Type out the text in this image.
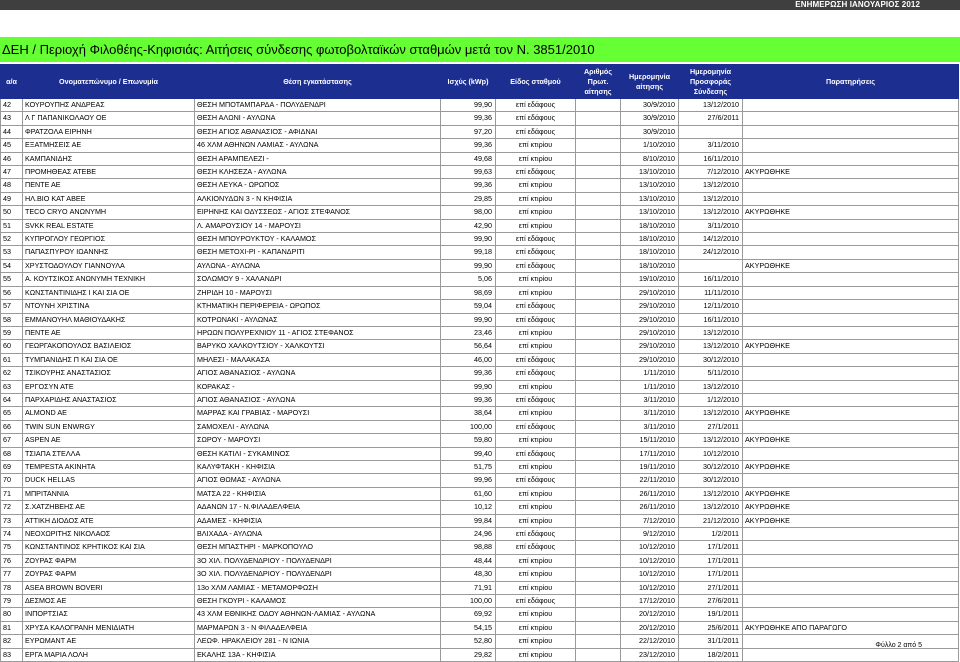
ΕΝΗΜΕΡΩΣΗ ΙΑΝΟΥΑΡΙΟΣ 2012
ΔΕΗ / Περιοχή Φιλοθέης-Κηφισιάς: Αιτήσεις σύνδεσης φωτοβολταϊκών σταθμών μετά τον Ν. 3851/2010
α/α	Ονοματεπώνυμο / Επωνυμία	Θέση εγκατάστασης	Ισχύς (kWp)	Είδος σταθμού	Αριθμός Πρωτ. αίτησης	Ημερομηνία αίτησης	Ημερομηνία Προσφοράς Σύνδεσης	Παρατηρήσεις
42	ΚΟΥΡΟΥΠΗΣ ΑΝΔΡΕΑΣ	ΘΕΣΗ ΜΠΟΤΑΜΠΑΡΔΑ - ΠΟΛΥΔΕΝΔΡΙ	99,90	επί εδάφους		30/9/2010	13/12/2010	
43	Λ Γ ΠΑΠΑΝΙΚΟΛΑΟΥ ΟΕ	ΘΕΣΗ ΑΛΩΝΙ - ΑΥΛΩΝΑ	99,36	επί εδάφους		30/9/2010	27/6/2011	
44	ΦΡΑΤΖΟΛΑ ΕΙΡΗΝΗ	ΘΕΣΗ ΑΓΙΟΣ ΑΘΑΝΑΣΙΟΣ - ΑΦΙΔΝΑΙ	97,20	επί εδάφους		30/9/2010		
45	ΕΞΑΤΜΗΣΕΙΣ ΑΕ	46 ΧΛΜ ΑΘΗΝΩΝ ΛΑΜΙΑΣ - ΑΥΛΩΝΑ	99,36	επί κτιρίου		1/10/2010	3/11/2010	
46	ΚΑΜΠΑΝΙΔΗΣ	ΘΕΣΗ ΑΡΑΜΠΕΛΕΖΙ -	49,68	επί κτιρίου		8/10/2010	16/11/2010	
47	ΠΡΟΜΗΘΕΑΣ ΑΤΕΒΕ	ΘΕΣΗ ΚΛΗΣΕΖΑ - ΑΥΛΩΝΑ	99,63	επί εδάφους		13/10/2010	7/12/2010	ΑΚΥΡΩΘΗΚΕ
48	ΠΕΝΤΕ ΑΕ	ΘΕΣΗ ΛΕΥΚΑ - ΩΡΩΠΟΣ	99,36	επί κτιρίου		13/10/2010	13/12/2010	
49	ΗΛ.ΒΙΟ ΚΑΤ ΑΒΕΕ	ΑΛΚΙΟΝΥΔΩΝ 3 - Ν ΚΗΦΙΣΙΑ	29,85	επί κτιρίου		13/10/2010	13/12/2010	
50	TECO CRYO ΑΝΩΝΥΜΗ	ΕΙΡΗΝΗΣ ΚΑΙ ΟΔΥΣΣΕΩΣ - ΑΓΙΟΣ ΣΤΕΦΑΝΟΣ	98,00	επί κτιρίου		13/10/2010	13/12/2010	ΑΚΥΡΩΘΗΚΕ
51	SVKK REAL ESTATE	Λ. ΑΜΑΡΟΥΣΙΟΥ 14 - ΜΑΡΟΥΣΙ	42,90	επί κτιρίου		18/10/2010	3/11/2010	
52	ΚΥΠΡΟΓΛΟΥ ΓΕΩΡΓΙΟΣ	ΘΕΣΗ ΜΠΟΥΡΟΥΚΤΟΥ - ΚΑΛΑΜΟΣ	99,90	επί εδάφους		18/10/2010	14/12/2010	
53	ΠΑΠΑΣΠΥΡΟΥ ΙΩΑΝΝΗΣ	ΘΕΣΗ ΜΕΤΟΧΙ-ΡΙ - ΚΑΠΑΝΔΡΙΤΙ	99,18	επί εδάφους		18/10/2010	24/12/2010	
54	ΧΡΥΣΤΟΔΟΥΛΟΥ ΓΙΑΝΝΟΥΛΑ	ΑΥΛΩΝΑ - ΑΥΛΩΝΑ	99,90	επί εδάφους		18/10/2010		ΑΚΥΡΩΘΗΚΕ
55	Α. ΚΟΥΤΣΙΚΟΣ ΑΝΩΝΥΜΗ ΤΕΧΝΙΚΗ	ΣΟΛΩΜΟΥ 9 - ΧΑΛΑΝΔΡΙ	5,06	επί κτιρίου		19/10/2010	16/11/2010	
56	ΚΩΝΣΤΑΝΤΙΝΙΔΗΣ Ι ΚΑΙ ΣΙΑ ΟΕ	ΖΗΡΙΔΗ 10 - ΜΑΡΟΥΣΙ	98,69	επί κτιρίου		29/10/2010	11/11/2010	
57	ΝΤΟΥΝΗ ΧΡΙΣΤΙΝΑ	ΚΤΗΜΑΤΙΚΗ ΠΕΡΙΦΕΡΕΙΑ - ΩΡΩΠΟΣ	59,04	επί εδάφους		29/10/2010	12/11/2010	
58	ΕΜΜΑΝΟΥΗΛ ΜΑΘΙΟΥΔΑΚΗΣ	ΚΟΤΡΩΝΑΚΙ - ΑΥΛΩΝΑΣ	99,90	επί εδάφους		29/10/2010	16/11/2010	
59	ΠΕΝΤΕ ΑΕ	ΗΡΩΩΝ ΠΟΛΥΡΕΧΝΙΟΥ 11 - ΑΓΙΟΣ ΣΤΕΦΑΝΟΣ	23,46	επί κτιρίου		29/10/2010	13/12/2010	
60	ΓΕΩΡΓΑΚΟΠΟΥΛΟΣ ΒΑΣΙΛΕΙΟΣ	ΒΑΡΥΚΟ ΧΑΛΚΟΥΤΣΙΟΥ - ΧΑΛΚΟΥΤΣΙ	56,64	επί κτιρίου		29/10/2010	13/12/2010	ΑΚΥΡΩΘΗΚΕ
61	ΤΥΜΠΑΝΙΔΗΣ Π ΚΑΙ ΣΙΑ ΟΕ	ΜΗΛΕΣΙ - ΜΑΛΑΚΑΣΑ	46,00	επί εδάφους		29/10/2010	30/12/2010	
62	ΤΣΙΚΟΥΡΗΣ ΑΝΑΣΤΑΣΙΟΣ	ΑΓΙΟΣ ΑΘΑΝΑΣΙΟΣ - ΑΥΛΩΝΑ	99,36	επί εδάφους		1/11/2010	5/11/2010	
63	ΕΡΓΟΣΥΝ ΑΤΕ	ΚΟΡΑΚΑΣ -	99,90	επί κτιρίου		1/11/2010	13/12/2010	
64	ΠΑΡΧΑΡΙΔΗΣ ΑΝΑΣΤΑΣΙΟΣ	ΑΓΙΟΣ ΑΘΑΝΑΣΙΟΣ - ΑΥΛΩΝΑ	99,36	επί εδάφους		3/11/2010	1/12/2010	
65	ALMOND AE	ΜΑΡΡΑΣ ΚΑΙ ΓΡΑΒΙΑΣ - ΜΑΡΟΥΣΙ	38,64	επί κτιρίου		3/11/2010	13/12/2010	ΑΚΥΡΩΘΗΚΕ
66	TWIN SUN ENWRGY	ΣΑΜΟΧΕΛΙ - ΑΥΛΩΝΑ	100,00	επί εδάφους		3/11/2010	27/1/2011	
67	ASPEN AE	ΣΩΡΟΥ - ΜΑΡΟΥΣΙ	59,80	επί κτιρίου		15/11/2010	13/12/2010	ΑΚΥΡΩΘΗΚΕ
68	ΤΣΙΑΠΑ ΣΤΕΛΛΑ	ΘΕΣΗ ΚΑΤΙΛΙ - ΣΥΚΑΜΙΝΟΣ	99,40	επί εδάφους		17/11/2010	10/12/2010	
69	TEMPESTA ΑΚΙΝΗΤΑ	ΚΑΛΥΦΤΑΚΗ - ΚΗΦΙΣΙΑ	51,75	επί κτιρίου		19/11/2010	30/12/2010	ΑΚΥΡΩΘΗΚΕ
70	DUCK HELLAS	ΑΓΙΟΣ ΘΩΜΑΣ - ΑΥΛΩΝΑ	99,96	επί εδάφους		22/11/2010	30/12/2010	
71	ΜΠΡΙΤΑΝΝΙΑ	ΜΑΤΣΑ 22 - ΚΗΦΙΣΙΑ	61,60	επί κτιρίου		26/11/2010	13/12/2010	ΑΚΥΡΩΘΗΚΕ
72	Σ.ΧΑΤΖΗΒΕΗΣ ΑΕ	ΑΔΑΝΩΝ 17 - Ν.ΦΙΛΑΔΕΛΦΕΙΑ	10,12	επί κτιρίου		26/11/2010	13/12/2010	ΑΚΥΡΩΘΗΚΕ
73	ΑΤΤΙΚΗ ΔΙΟΔΟΣ ΑΤΕ	ΑΔΑΜΕΣ - ΚΗΦΙΣΙΑ	99,84	επί κτιρίου		7/12/2010	21/12/2010	ΑΚΥΡΩΘΗΚΕ
74	ΝΕΟΧΩΡΙΤΗΣ ΝΙΚΟΛΑΟΣ	ΒΛΙΧΑΔΑ - ΑΥΛΩΝΑ	24,96	επί εδάφους		9/12/2010	1/2/2011	
75	ΚΩΝΣΤΑΝΤΙΝΟΣ ΚΡΗΤΙΚΟΣ ΚΑΙ ΣΙΑ	ΘΕΣΗ ΜΠΑΣΤΗΡΙ - ΜΑΡΚΟΠΟΥΛΟ	98,88	επί εδάφους		10/12/2010	17/1/2011	
76	ΖΟΥΡΑΣ ΦΑΡΜ	3Ο ΧΙΛ. ΠΟΛΥΔΕΝΔΡΙΟΥ - ΠΟΛΥΔΕΝΔΡΙ	48,44	επί κτιρίου		10/12/2010	17/1/2011	
77	ΖΟΥΡΑΣ ΦΑΡΜ	3Ο ΧΙΛ. ΠΟΛΥΔΕΝΔΡΙΟΥ - ΠΟΛΥΔΕΝΔΡΙ	48,30	επί κτιρίου		10/12/2010	17/1/2011	
78	ASEA BROWN BOVERI	13ο ΧΛΜ ΛΑΜΙΑΣ - ΜΕΤΑΜΟΡΦΩΣΗ	71,91	επί κτιρίου		10/12/2010	27/1/2011	
79	ΔΕΣΜΟΣ ΑΕ	ΘΕΣΗ ΓΚΟΥΡΙ - ΚΑΛΑΜΟΣ	100,00	επί εδάφους		17/12/2010	27/6/2011	
80	ΙΝΠΟΡΤΣΙΑΣ	43 ΧΛΜ ΕΘΝΙΚΗΣ ΟΔΟΥ ΑΘΗΝΩΝ-ΛΑΜΙΑΣ - ΑΥΛΩΝΑ	69,92	επί κτιρίου		20/12/2010	19/1/2011	
81	ΧΡΥΣΑ ΚΑΛΟΓΡΑΝΗ ΜΕΝΙΔΙΑΤΗ	ΜΑΡΜΑΡΩΝ 3 - Ν ΦΙΛΑΔΕΛΦΕΙΑ	54,15	επί κτιρίου		20/12/2010	25/6/2011	ΑΚΥΡΩΘΗΚΕ ΑΠΟ ΠΑΡΑΓΩΓΟ
82	ΕΥΡΩΜΑΝΤ ΑΕ	ΛΕΩΦ. ΗΡΑΚΛΕΙΟΥ 281 - Ν ΙΩΝΙΑ	52,80	επί κτιρίου		22/12/2010	31/1/2011	
83	ΕΡΓΑ ΜΑΡΙΑ ΛΟΛΗ	ΕΚΑΛΗΣ 13Α - ΚΗΦΙΣΙΑ	29,82	επί κτιρίου		23/12/2010	18/2/2011	
Φύλλο 2 από 5
